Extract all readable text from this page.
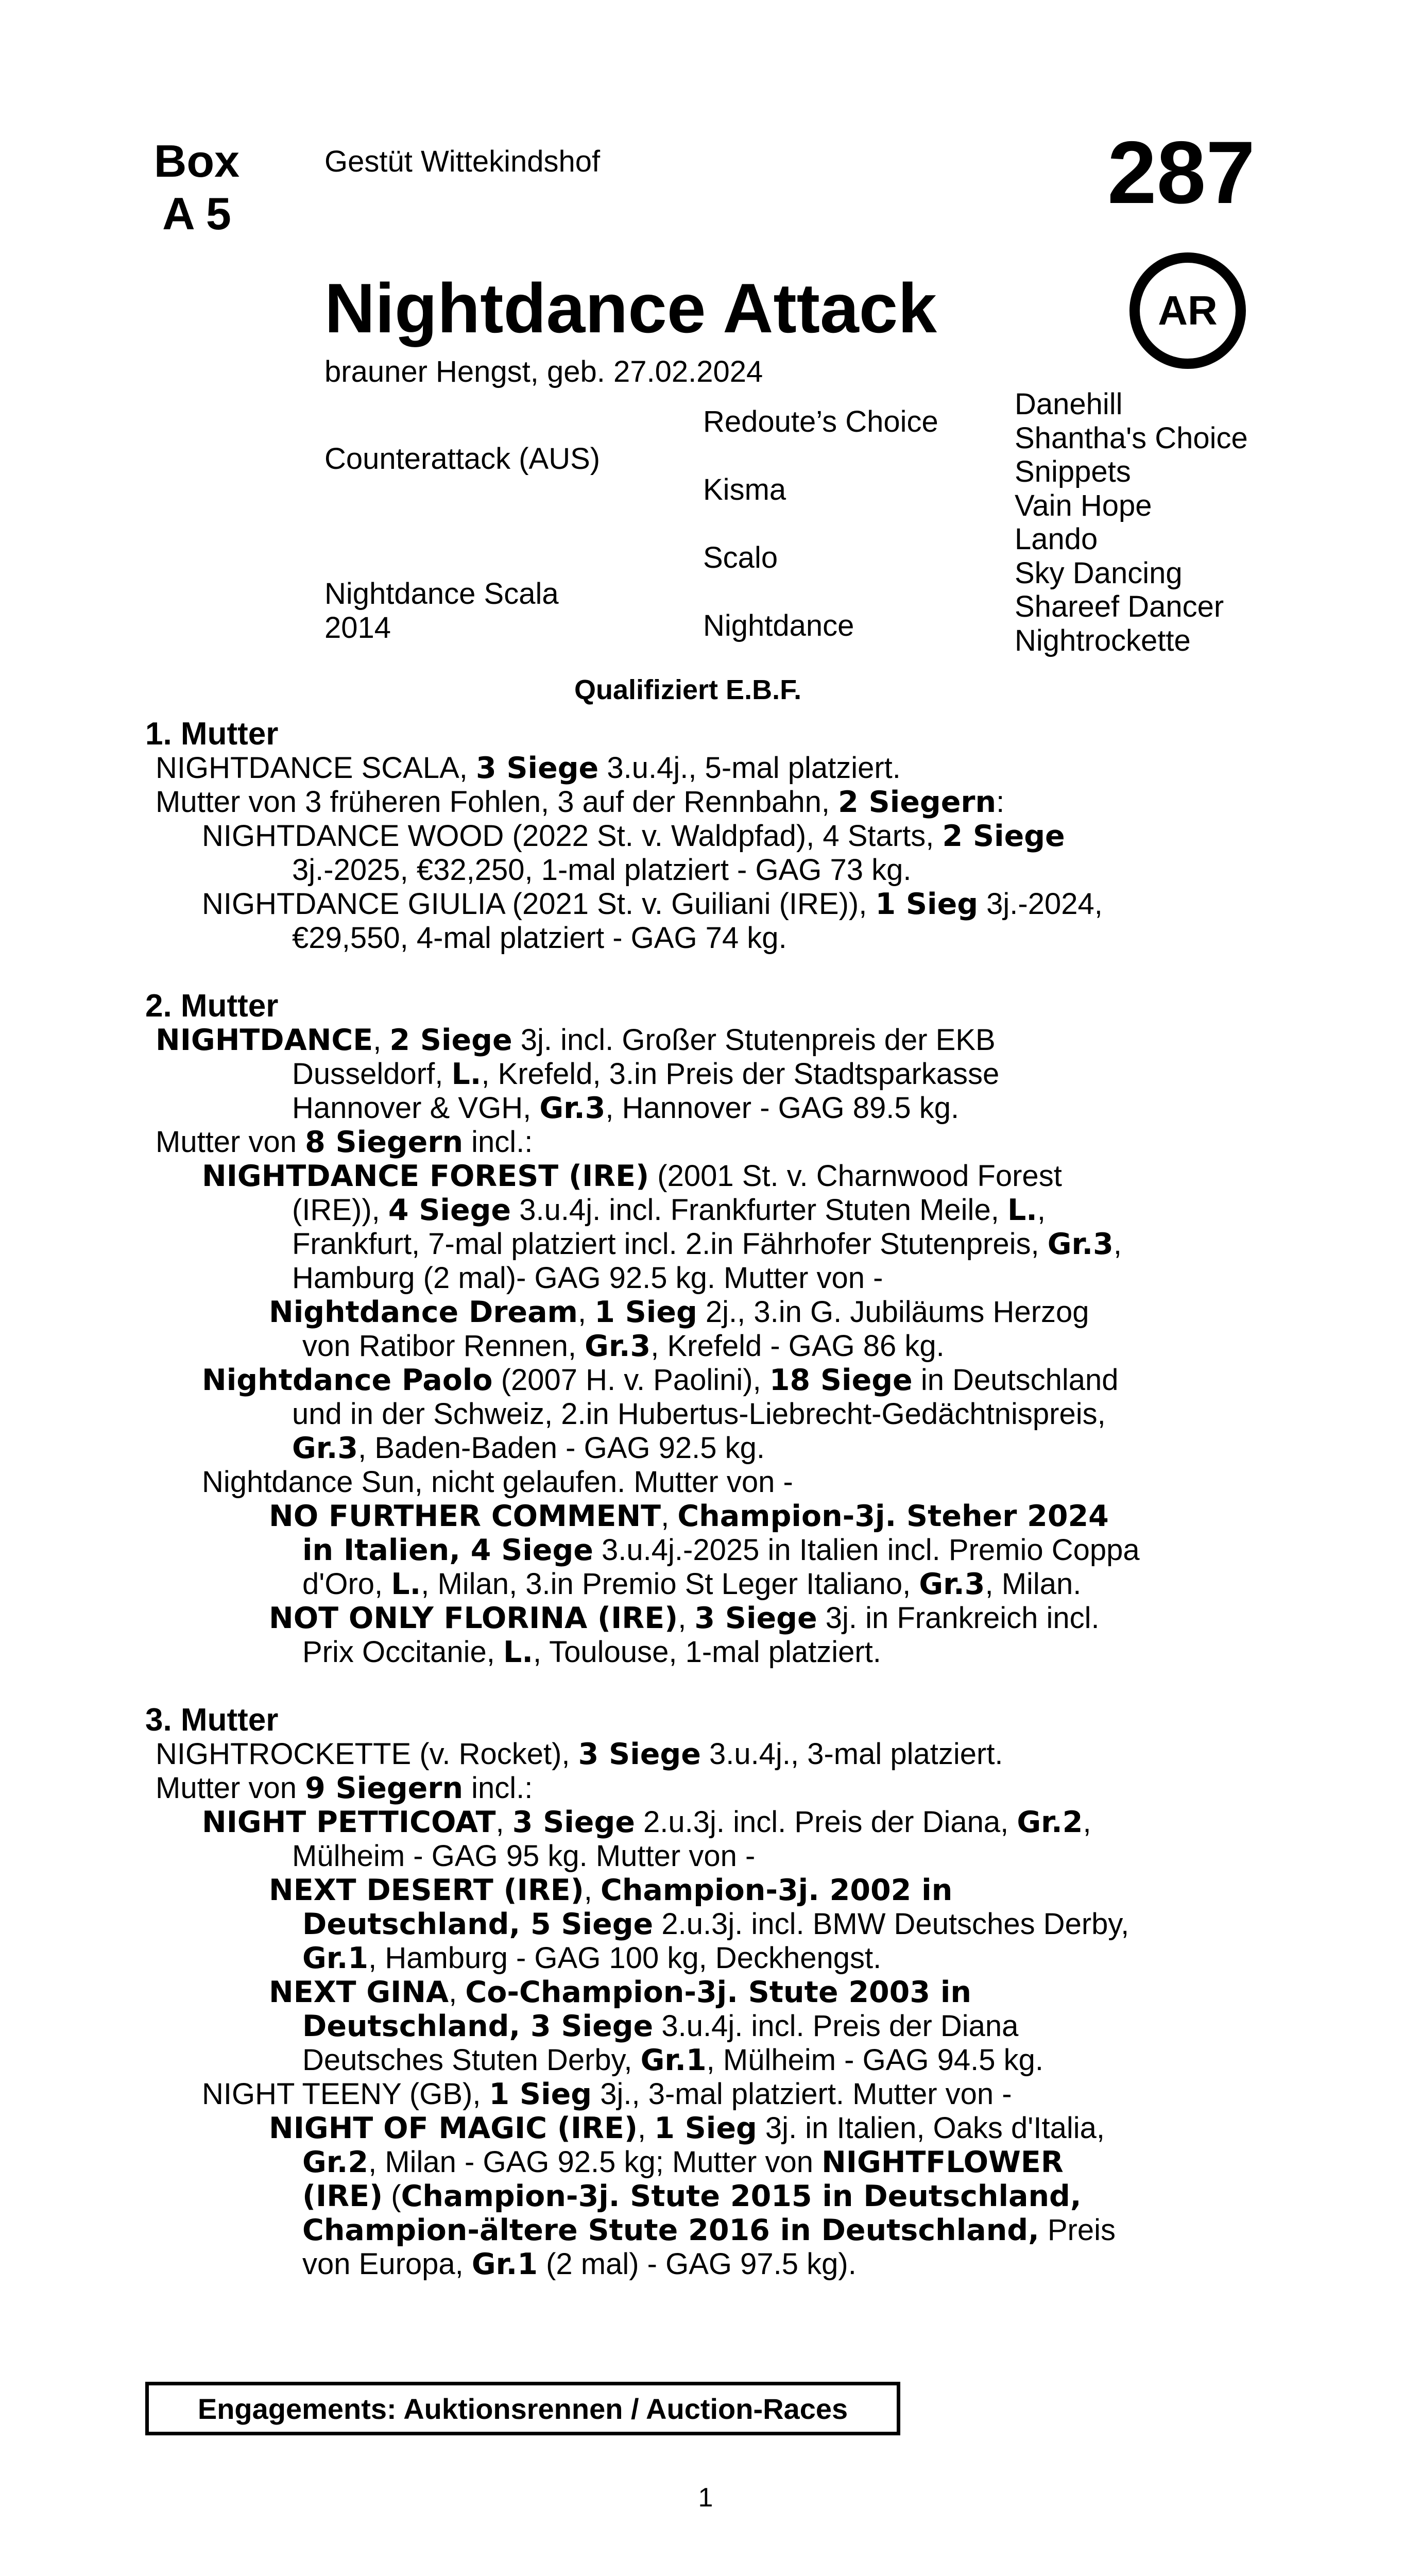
Box
A 5
Gestüt Wittekindshof	287
Nightdance Attack	AR
brauner Hengst, geb. 27.02.2024
Counterattack (AUS)
Nightdance Scala
2014
Redoute’s Choice
Kisma
Scalo
Nightdance
Danehill
Shantha's Choice
Snippets
Vain Hope
Lando
Sky Dancing
Shareef Dancer
Nightrockette
Qualifiziert E.B.F.

1. Mutter

NIGHTDANCE SCALA, 3 Siege 3.u.4j., 5-mal platziert.

Mutter von 3 früheren Fohlen, 3 auf der Rennbahn, 2 Siegern:

NIGHTDANCE WOOD (2022 St. v. Waldpfad), 4 Starts, 2 Siege

3j.-2025, €32,250, 1-mal platziert - GAG 73 kg.

NIGHTDANCE GIULIA (2021 St. v. Guiliani (IRE)), 1 Sieg 3j.-2024,

€29,550, 4-mal platziert - GAG 74 kg.

2. Mutter

NIGHTDANCE, 2 Siege 3j. incl. Großer Stutenpreis der EKB

Dusseldorf, L., Krefeld, 3.in Preis der Stadtsparkasse

Hannover & VGH, Gr.3, Hannover - GAG 89.5 kg.

Mutter von 8 Siegern incl.:

NIGHTDANCE FOREST (IRE) (2001 St. v. Charnwood Forest

(IRE)), 4 Siege 3.u.4j. incl. Frankfurter Stuten Meile, L.,

Frankfurt, 7-mal platziert incl. 2.in Fährhofer Stutenpreis, Gr.3,

Hamburg (2 mal)- GAG 92.5 kg. Mutter von -

Nightdance Dream, 1 Sieg 2j., 3.in G. Jubiläums Herzog

von Ratibor Rennen, Gr.3, Krefeld - GAG 86 kg.

Nightdance Paolo (2007 H. v. Paolini), 18 Siege in Deutschland

und in der Schweiz, 2.in Hubertus-Liebrecht-Gedächtnispreis,

Gr.3, Baden-Baden - GAG 92.5 kg.

Nightdance Sun, nicht gelaufen. Mutter von -

NO FURTHER COMMENT, Champion-3j. Steher 2024

in Italien, 4 Siege 3.u.4j.-2025 in Italien incl. Premio Coppa

d'Oro, L., Milan, 3.in Premio St Leger Italiano, Gr.3, Milan.

NOT ONLY FLORINA (IRE), 3 Siege 3j. in Frankreich incl.

Prix Occitanie, L., Toulouse, 1-mal platziert.

3. Mutter

NIGHTROCKETTE (v. Rocket), 3 Siege 3.u.4j., 3-mal platziert.

Mutter von 9 Siegern incl.:

NIGHT PETTICOAT, 3 Siege 2.u.3j. incl. Preis der Diana, Gr.2,

Mülheim - GAG 95 kg. Mutter von -

NEXT DESERT (IRE), Champion-3j. 2002 in

Deutschland, 5 Siege 2.u.3j. incl. BMW Deutsches Derby,

Gr.1, Hamburg - GAG 100 kg, Deckhengst.

NEXT GINA, Co-Champion-3j. Stute 2003 in

Deutschland, 3 Siege 3.u.4j. incl. Preis der Diana

Deutsches Stuten Derby, Gr.1, Mülheim - GAG 94.5 kg.

NIGHT TEENY (GB), 1 Sieg 3j., 3-mal platziert. Mutter von -

NIGHT OF MAGIC (IRE), 1 Sieg 3j. in Italien, Oaks d'Italia,

Gr.2, Milan - GAG 92.5 kg; Mutter von NIGHTFLOWER

(IRE) (Champion-3j. Stute 2015 in Deutschland,

Champion-ältere Stute 2016 in Deutschland, Preis

von Europa, Gr.1 (2 mal) - GAG 97.5 kg).

Engagements: Auktionsrennen / Auction-Races
1
